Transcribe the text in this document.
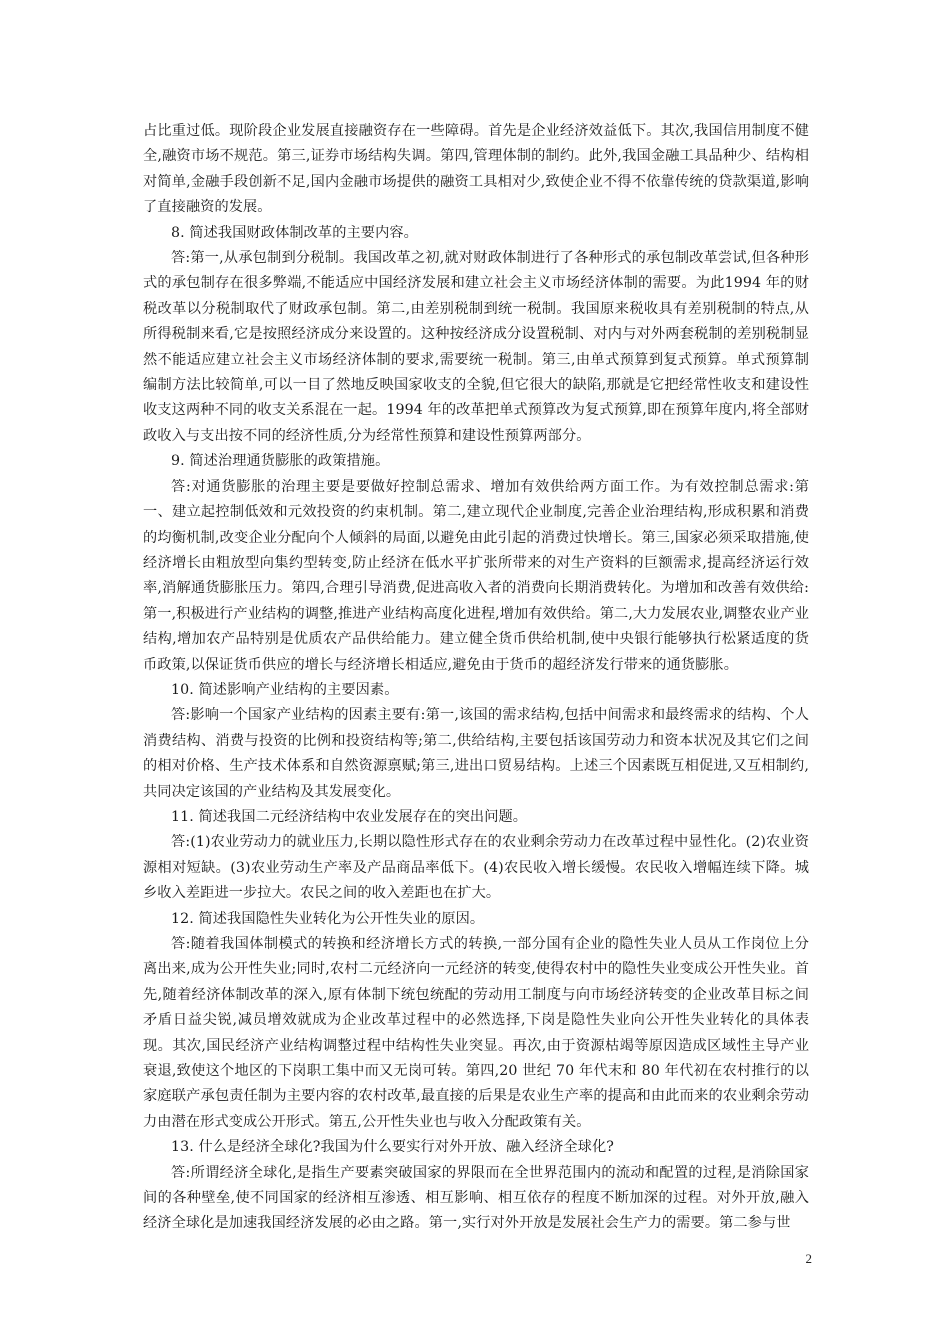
占比重过低。现阶段企业发展直接融资存在一些障碍。首先是企业经济效益低下。其次,我国信用制度不健全,融资市场不规范。第三,证券市场结构失调。第四,管理体制的制约。此外,我国金融工具品种少、结构相对简单,金融手段创新不足,国内金融市场提供的融资工具相对少,致使企业不得不依靠传统的贷款渠道,影响了直接融资的发展。

8. 简述我国财政体制改革的主要内容。

答:第一,从承包制到分税制。我国改革之初,就对财政体制进行了各种形式的承包制改革尝试,但各种形式的承包制存在很多弊端,不能适应中国经济发展和建立社会主义市场经济体制的需要。为此1994 年的财税改革以分税制取代了财政承包制。第二,由差别税制到统一税制。我国原来税收具有差别税制的特点,从所得税制来看,它是按照经济成分来设置的。这种按经济成分设置税制、对内与对外两套税制的差别税制显然不能适应建立社会主义市场经济体制的要求,需要统一税制。第三,由单式预算到复式预算。单式预算制编制方法比较简单,可以一目了然地反映国家收支的全貌,但它很大的缺陷,那就是它把经常性收支和建设性收支这两种不同的收支关系混在一起。1994 年的改革把单式预算改为复式预算,即在预算年度内,将全部财政收入与支出按不同的经济性质,分为经常性预算和建设性预算两部分。

9. 简述治理通货膨胀的政策措施。

答:对通货膨胀的治理主要是要做好控制总需求、增加有效供给两方面工作。为有效控制总需求:第一、建立起控制低效和元效投资的约束机制。第二,建立现代企业制度,完善企业治理结构,形成积累和消费的均衡机制,改变企业分配向个人倾斜的局面,以避免由此引起的消费过快增长。第三,国家必须采取措施,使经济增长由粗放型向集约型转变,防止经济在低水平扩张所带来的对生产资料的巨额需求,提高经济运行效率,消解通货膨胀压力。第四,合理引导消费,促进高收入者的消费向长期消费转化。为增加和改善有效供给:第一,积极进行产业结构的调整,推进产业结构高度化进程,增加有效供给。第二,大力发展农业,调整农业产业结构,增加农产品特别是优质农产品供给能力。建立健全货币供给机制,使中央银行能够执行松紧适度的货币政策,以保证货币供应的增长与经济增长相适应,避免由于货币的超经济发行带来的通货膨胀。

10. 简述影响产业结构的主要因素。

答:影响一个国家产业结构的因素主要有:第一,该国的需求结构,包括中间需求和最终需求的结构、个人消费结构、消费与投资的比例和投资结构等;第二,供给结构,主要包括该国劳动力和资本状况及其它们之间的相对价格、生产技术体系和自然资源禀赋;第三,进出口贸易结构。上述三个因素既互相促进,又互相制约,共同决定该国的产业结构及其发展变化。

11. 简述我国二元经济结构中农业发展存在的突出问题。

答:(1)农业劳动力的就业压力,长期以隐性形式存在的农业剩余劳动力在改革过程中显性化。(2)农业资源相对短缺。(3)农业劳动生产率及产品商品率低下。(4)农民收入增长缓慢。农民收入增幅连续下降。城乡收入差距进一步拉大。农民之间的收入差距也在扩大。

12. 简述我国隐性失业转化为公开性失业的原因。

答:随着我国体制模式的转换和经济增长方式的转换,一部分国有企业的隐性失业人员从工作岗位上分离出来,成为公开性失业;同时,农村二元经济向一元经济的转变,使得农村中的隐性失业变成公开性失业。首先,随着经济体制改革的深入,原有体制下统包统配的劳动用工制度与向市场经济转变的企业改革目标之间矛盾日益尖锐,减员增效就成为企业改革过程中的必然选择,下岗是隐性失业向公开性失业转化的具体表现。其次,国民经济产业结构调整过程中结构性失业突显。再次,由于资源枯竭等原因造成区域性主导产业衰退,致使这个地区的下岗职工集中而又无岗可转。第四,20 世纪 70 年代末和 80 年代初在农村推行的以家庭联产承包责任制为主要内容的农村改革,最直接的后果是农业生产率的提高和由此而来的农业剩余劳动力由潜在形式变成公开形式。第五,公开性失业也与收入分配政策有关。

13. 什么是经济全球化?我国为什么要实行对外开放、融入经济全球化?

答:所谓经济全球化,是指生产要素突破国家的界限而在全世界范围内的流动和配置的过程,是消除国家间的各种壁垒,使不同国家的经济相互渗透、相互影响、相互依存的程度不断加深的过程。对外开放,融入经济全球化是加速我国经济发展的必由之路。第一,实行对外开放是发展社会生产力的需要。第二参与世

2
